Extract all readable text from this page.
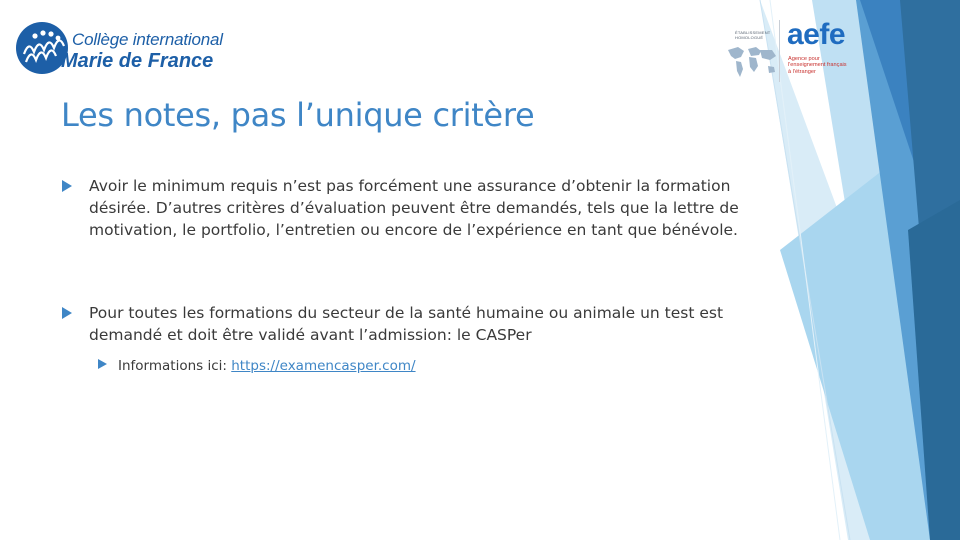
Collège international
Marie de France
ÉTABLISSEMENT
HOMOLOGUÉ aefe
Agence pour
l'enseignement français
à l'étranger
Les notes, pas l’unique critère
Avoir le minimum requis n’est pas forcément une assurance d’obtenir la formation désirée. D’autres critères d’évaluation peuvent être demandés, tels que la lettre de motivation, le portfolio, l’entretien ou encore de l’expérience en tant que bénévole.
Pour toutes les formations du secteur de la santé humaine ou animale un test est demandé et doit être validé avant l’admission: le CASPer
Informations ici: https://examencasper.com/
